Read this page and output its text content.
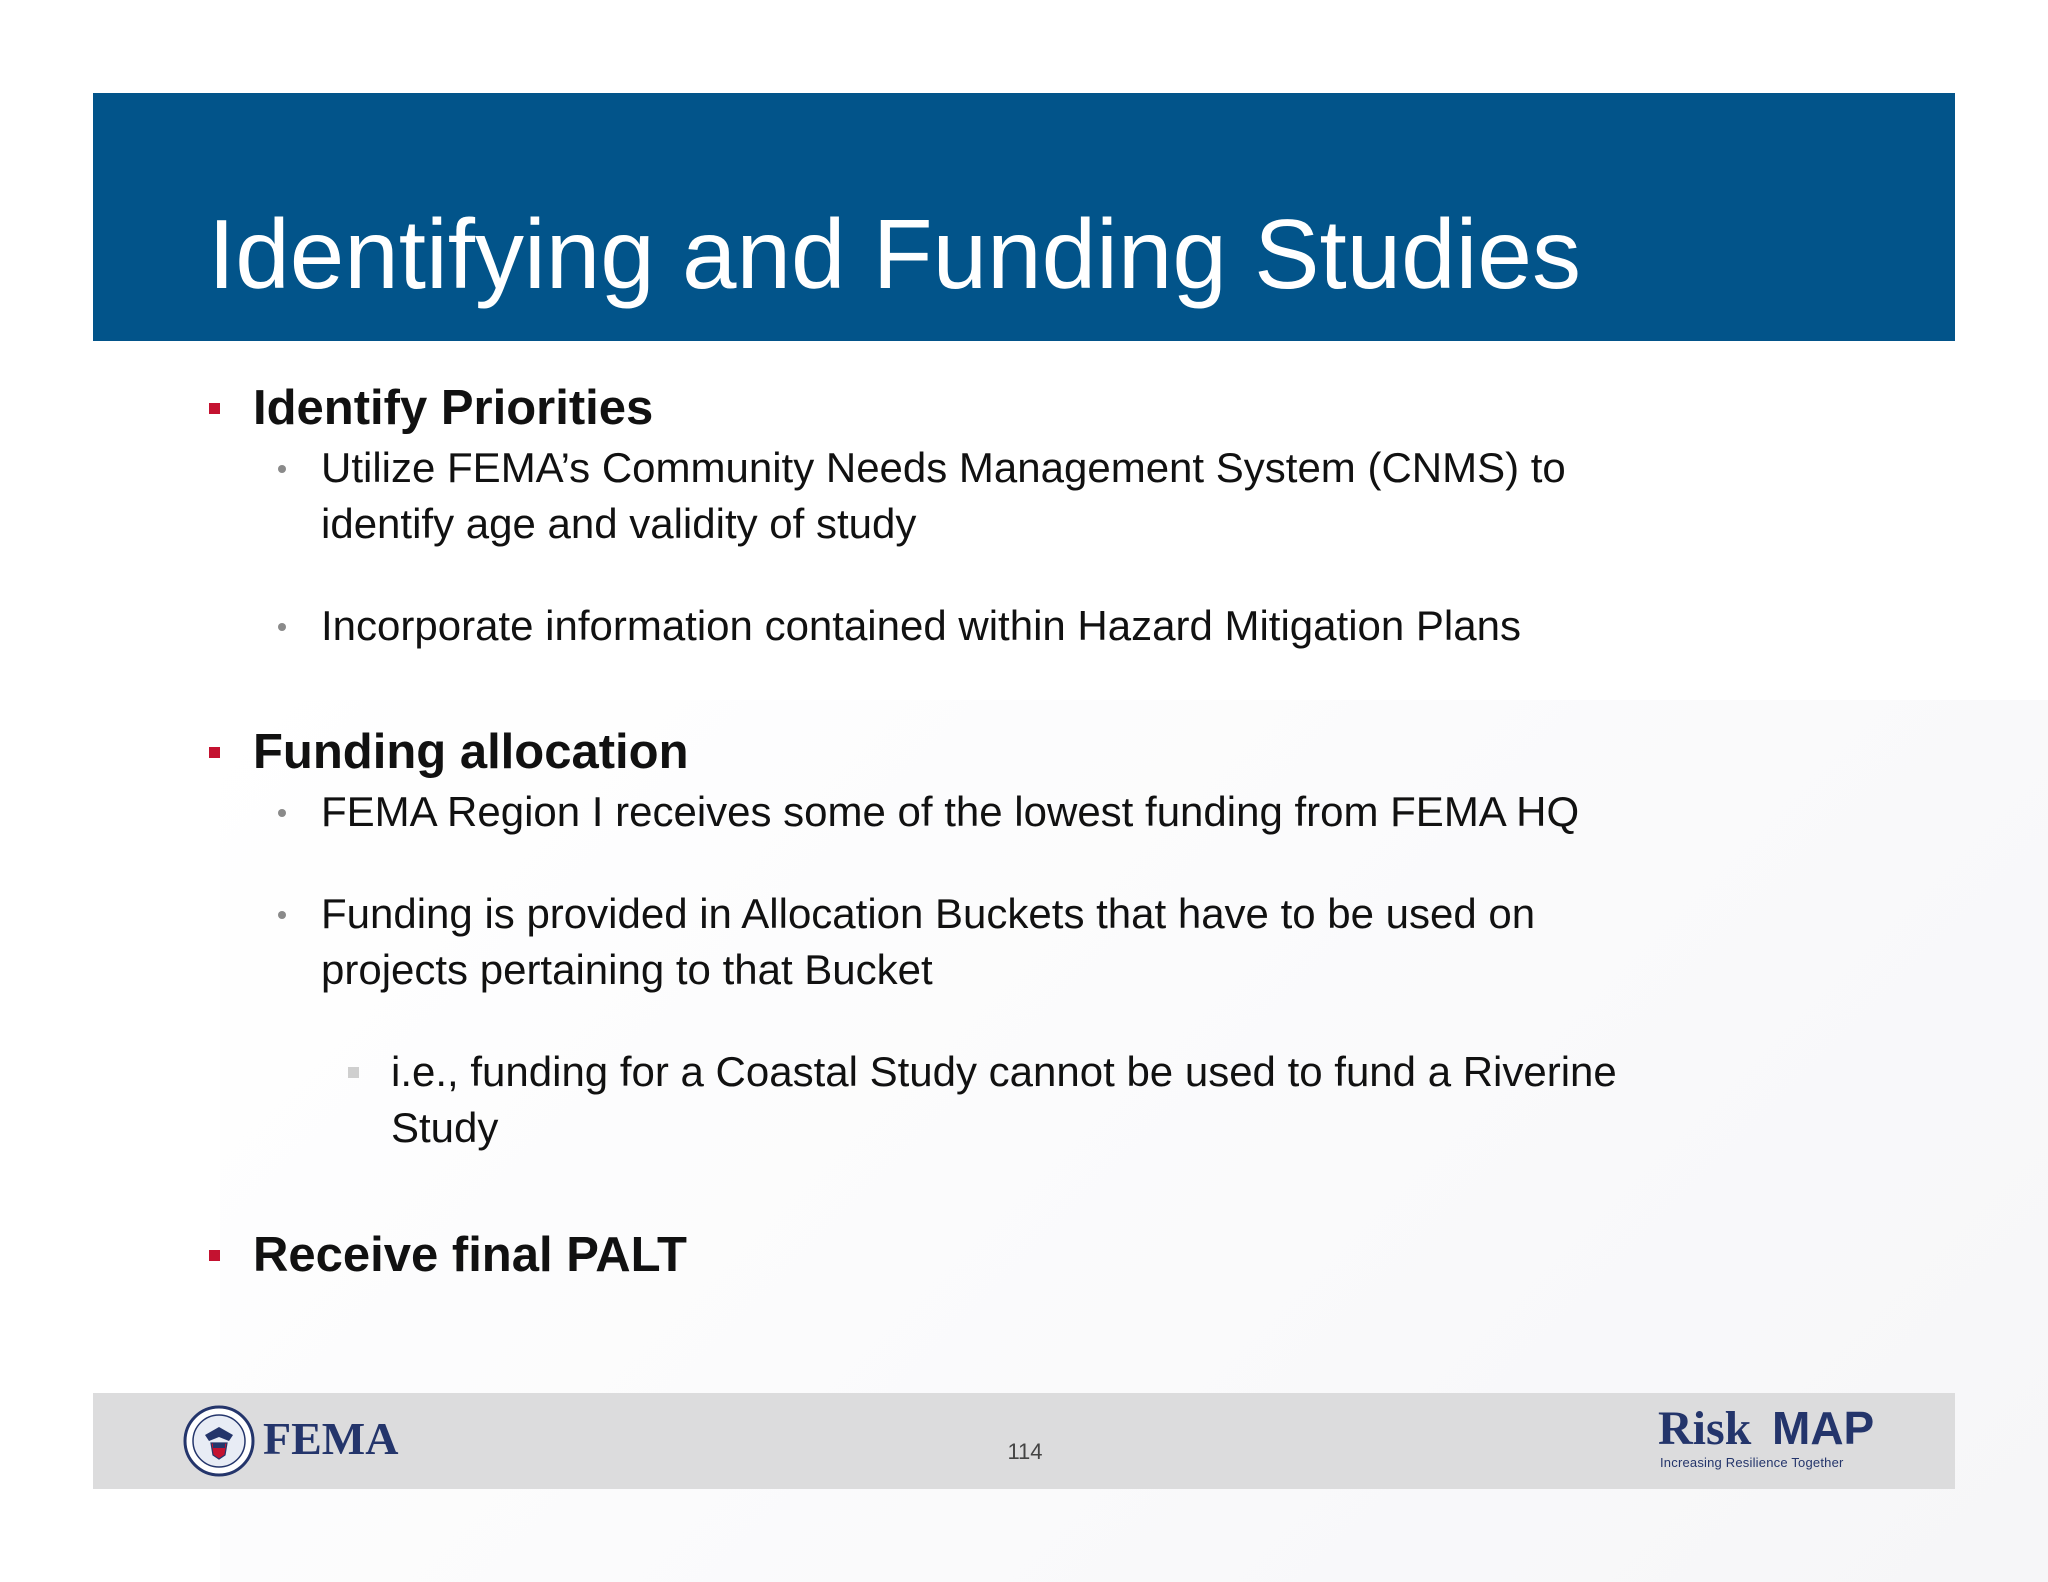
Identifying and Funding Studies
Identify Priorities
Utilize FEMA’s Community Needs Management System (CNMS) to
identify age and validity of study
Incorporate information contained within Hazard Mitigation Plans
Funding allocation
FEMA Region I receives some of the lowest funding from FEMA HQ
Funding is provided in Allocation Buckets that have to be used on
projects pertaining to that Bucket
i.e., funding for a Coastal Study cannot be used to fund a Riverine
Study
Receive final PALT
FEMA	114	Risk MAP
Increasing Resilience Together
